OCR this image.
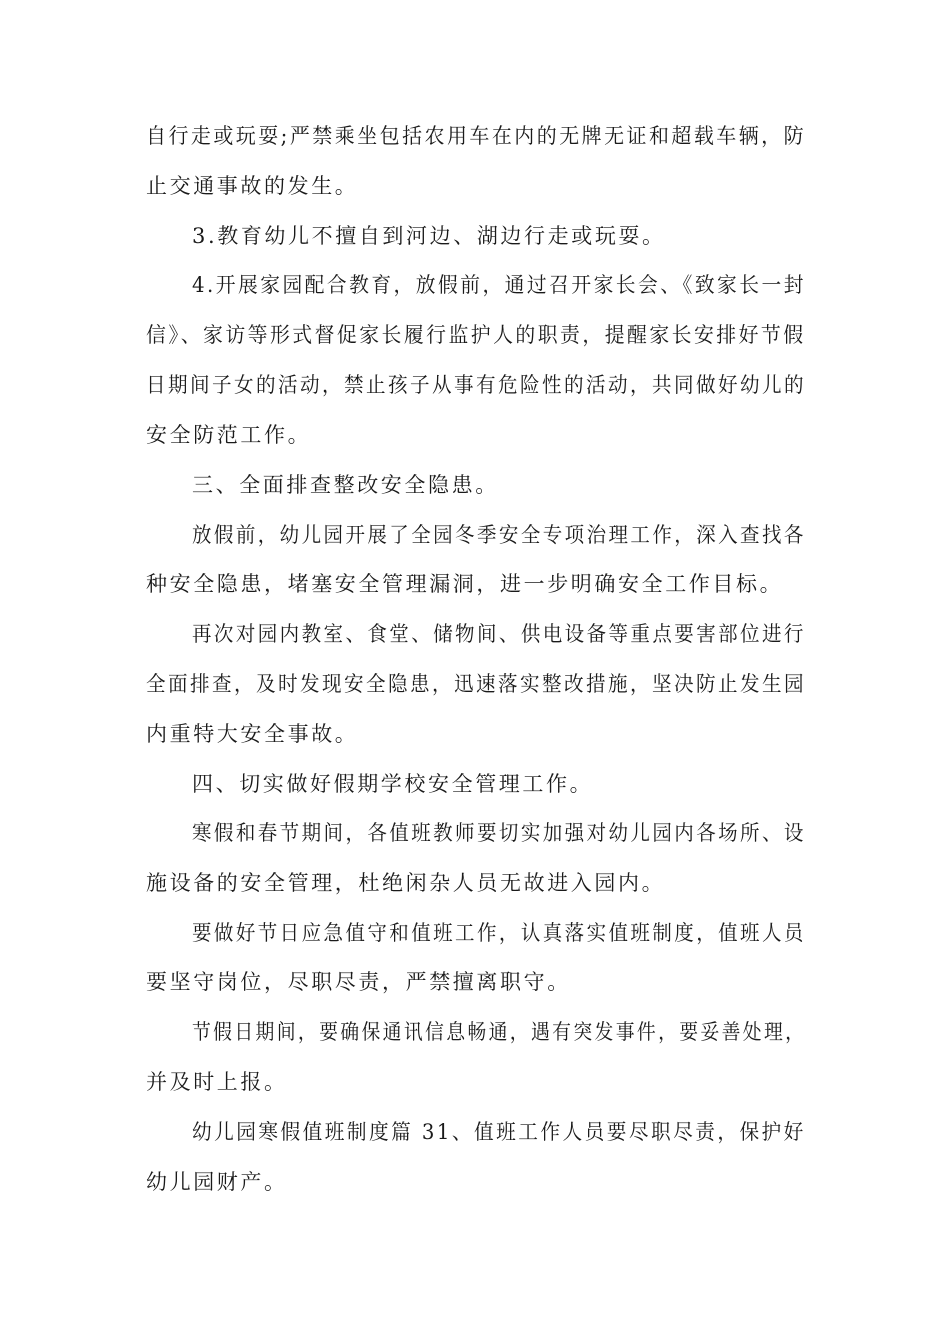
自行走或玩耍;严禁乘坐包括农用车在内的无牌无证和超载车辆，防
止交通事故的发生。
3.教育幼儿不擅自到河边、湖边行走或玩耍。
4.开展家园配合教育，放假前，通过召开家长会、《致家长一封
信》、家访等形式督促家长履行监护人的职责，提醒家长安排好节假
日期间子女的活动，禁止孩子从事有危险性的活动，共同做好幼儿的
安全防范工作。
三、全面排查整改安全隐患。
放假前，幼儿园开展了全园冬季安全专项治理工作，深入查找各
种安全隐患，堵塞安全管理漏洞，进一步明确安全工作目标。
再次对园内教室、食堂、储物间、供电设备等重点要害部位进行
全面排查，及时发现安全隐患，迅速落实整改措施，坚决防止发生园
内重特大安全事故。
四、切实做好假期学校安全管理工作。
寒假和春节期间，各值班教师要切实加强对幼儿园内各场所、设
施设备的安全管理，杜绝闲杂人员无故进入园内。
要做好节日应急值守和值班工作，认真落实值班制度，值班人员
要坚守岗位，尽职尽责，严禁擅离职守。
节假日期间，要确保通讯信息畅通，遇有突发事件，要妥善处理，
并及时上报。
幼儿园寒假值班制度篇 31、值班工作人员要尽职尽责，保护好
幼儿园财产。
